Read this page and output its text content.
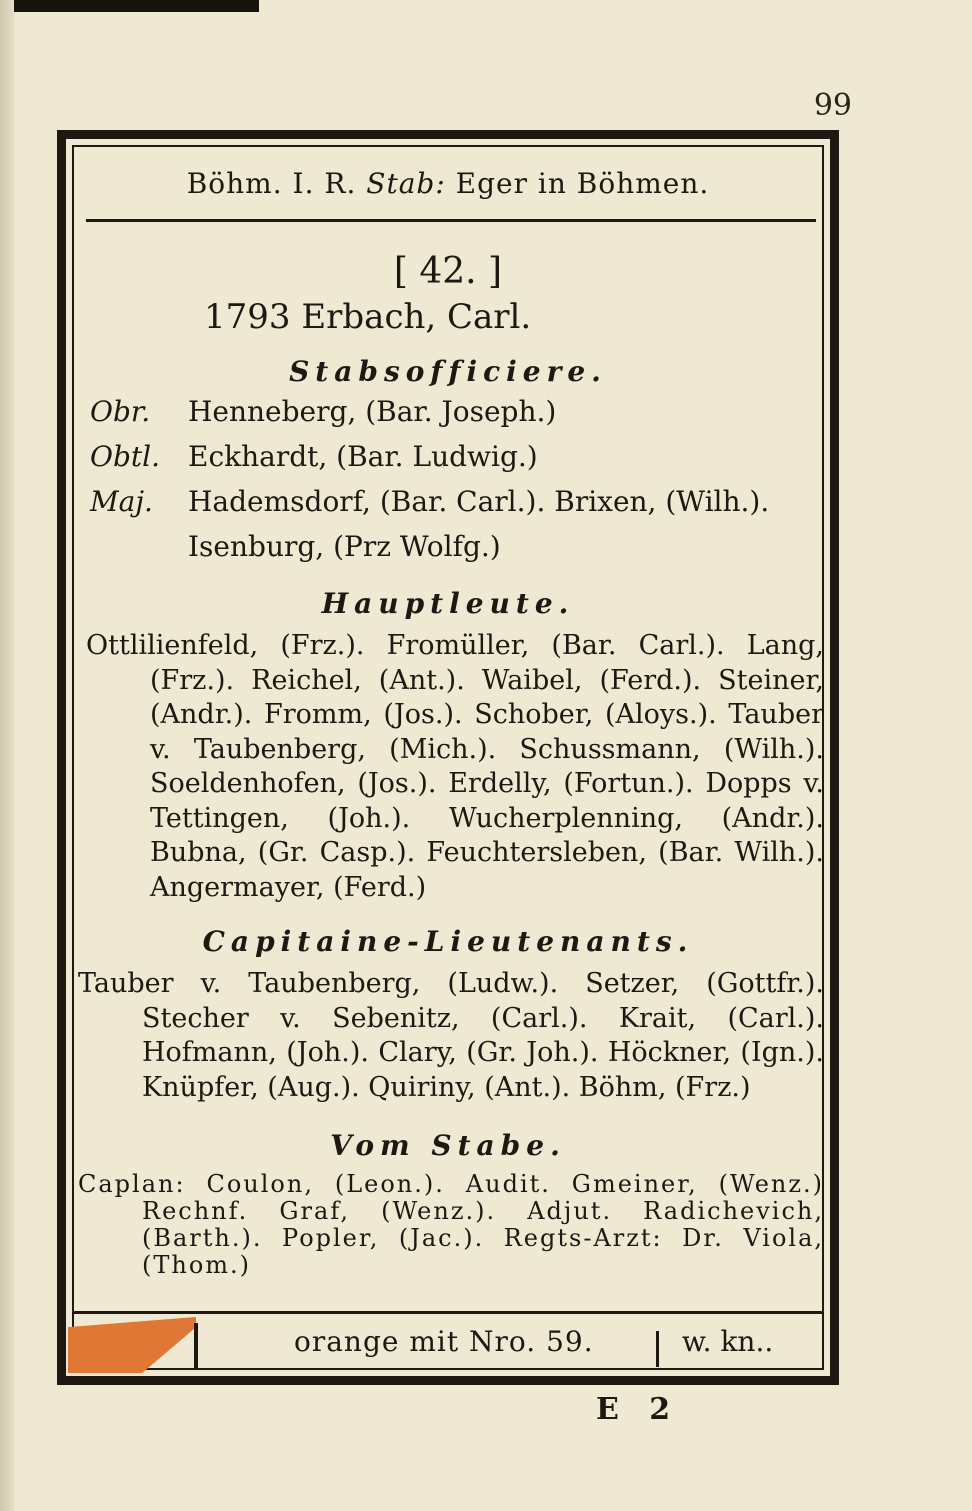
99
Böhm. I. R. Stab: Eger in Böhmen.
[ 42. ]
1793 Erbach, Carl.
Stabsofficiere.
Obr. Henneberg, (Bar. Joseph.)
Obtl. Eckhardt, (Bar. Ludwig.)
Maj. Hademsdorf, (Bar. Carl.). Brixen, (Wilh.).
Isenburg, (Prz Wolfg.)
Hauptleute.
Ottlilienfeld, (Frz.). Fromüller, (Bar. Carl.). Lang, (Frz.). Reichel, (Ant.). Waibel, (Ferd.). Steiner, (Andr.). Fromm, (Jos.). Schober, (Aloys.). Tauber v. Taubenberg, (Mich.). Schussmann, (Wilh.). Soeldenhofen, (Jos.). Erdelly, (Fortun.). Dopps v. Tettingen, (Joh.). Wucherplenning, (Andr.). Bubna, (Gr. Casp.). Feuchtersleben, (Bar. Wilh.). Angermayer, (Ferd.)
Capitaine-Lieutenants.
Tauber v. Taubenberg, (Ludw.). Setzer, (Gottfr.). Stecher v. Sebenitz, (Carl.). Krait, (Carl.). Hofmann, (Joh.). Clary, (Gr. Joh.). Höckner, (Ign.). Knüpfer, (Aug.). Quiriny, (Ant.). Böhm, (Frz.)
Vom Stabe.
Caplan: Coulon, (Leon.). Audit. Gmeiner, (Wenz.) Rechnf. Graf, (Wenz.). Adjut. Radichevich, (Barth.). Popler, (Jac.). Regts-Arzt: Dr. Viola, (Thom.)
orange mit Nro. 59.	w. kn..
E 2
